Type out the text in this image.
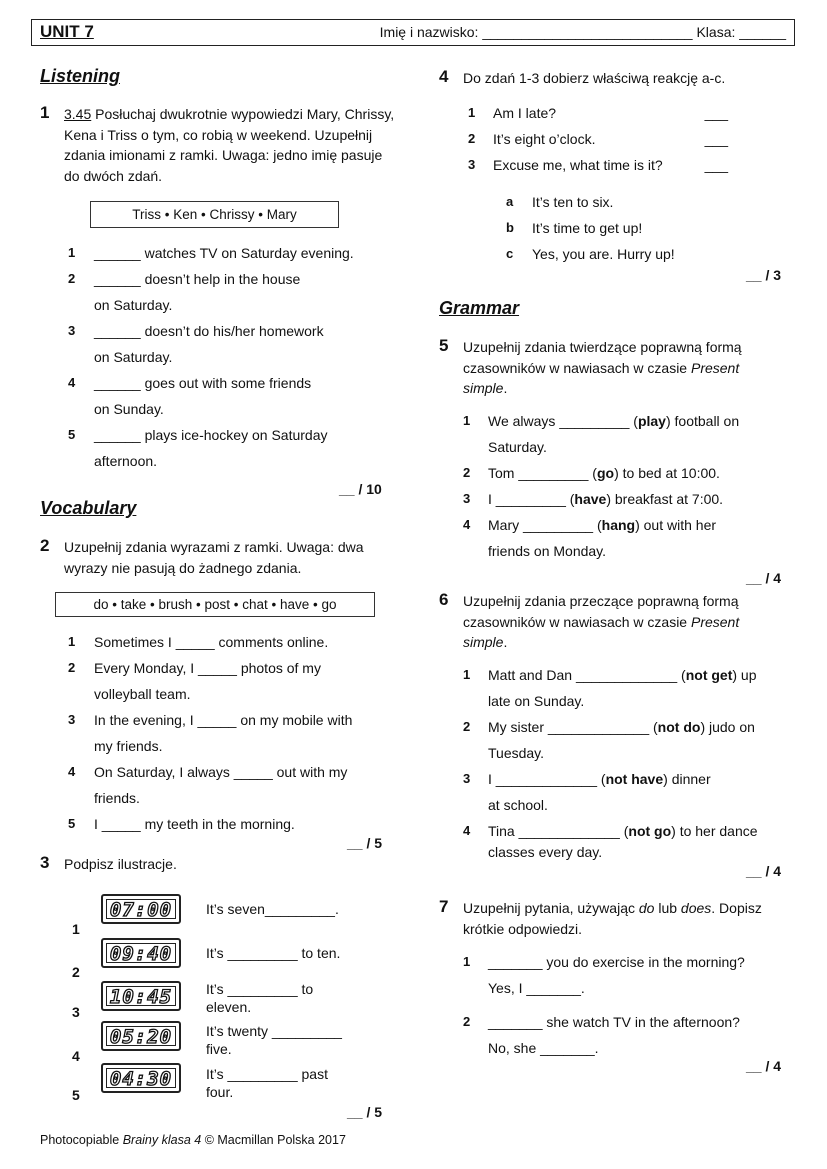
UNIT 7	Imię i nazwisko: ___________________________ Klasa: ______
Listening
1 3.45 Posłuchaj dwukrotnie wypowiedzi Mary, Chrissy, Kena i Triss o tym, co robią w weekend. Uzupełnij zdania imionami z ramki. Uwaga: jedno imię pasuje do dwóch zdań.
Triss • Ken • Chrissy • Mary
1	______ watches TV on Saturday evening.
2	______ doesn’t help in the house
on Saturday.
3	______ doesn’t do his/her homework
on Saturday.
4	______ goes out with some friends
on Sunday.
5	______ plays ice-hockey on Saturday
afternoon.
__ / 10
Vocabulary
2 Uzupełnij zdania wyrazami z ramki. Uwaga: dwa wyrazy nie pasują do żadnego zdania.
do • take • brush • post • chat • have • go
1	Sometimes I _____ comments online.
2	Every Monday, I _____ photos of my
volleyball team.
3	In the evening, I _____ on my mobile with
my friends.
4	On Saturday, I always _____ out with my
friends.
5	I _____ my teeth in the morning.
__ / 5
3 Podpisz ilustracje.
1
07:00 It’s seven_________.
2
09:40 It’s _________ to ten.
3
10:45 It’s _________ to
eleven.
4
05:20 It’s twenty _________
five.
5
04:30 It’s _________ past
four.
__ / 5
4 Do zdań 1-3 dobierz właściwą reakcję a-c.
1	Am I late?	___
2	It’s eight o’clock.	___
3	Excuse me, what time is it?	___
a	It’s ten to six.
b	It’s time to get up!
c	Yes, you are. Hurry up!
__ / 3
Grammar
5 Uzupełnij zdania twierdzące poprawną formą czasowników w nawiasach w czasie Present simple.
1	We always _________ (play) football on
Saturday.
2	Tom _________ (go) to bed at 10:00.
3	I _________ (have) breakfast at 7:00.
4	Mary _________ (hang) out with her
friends on Monday.
__ / 4
6 Uzupełnij zdania przeczące poprawną formą czasowników w nawiasach w czasie Present simple.
1	Matt and Dan _____________ (not get) up
late on Sunday.
2	My sister _____________ (not do) judo on
Tuesday.
3	I _____________ (not have) dinner
at school.
4	Tina _____________ (not go) to her dance
classes every day.
__ / 4
7 Uzupełnij pytania, używając do lub does. Dopisz krótkie odpowiedzi.
1	_______ you do exercise in the morning?
Yes, I _______.
2	_______ she watch TV in the afternoon?
No, she _______.
__ / 4
Photocopiable Brainy klasa 4 © Macmillan Polska 2017
